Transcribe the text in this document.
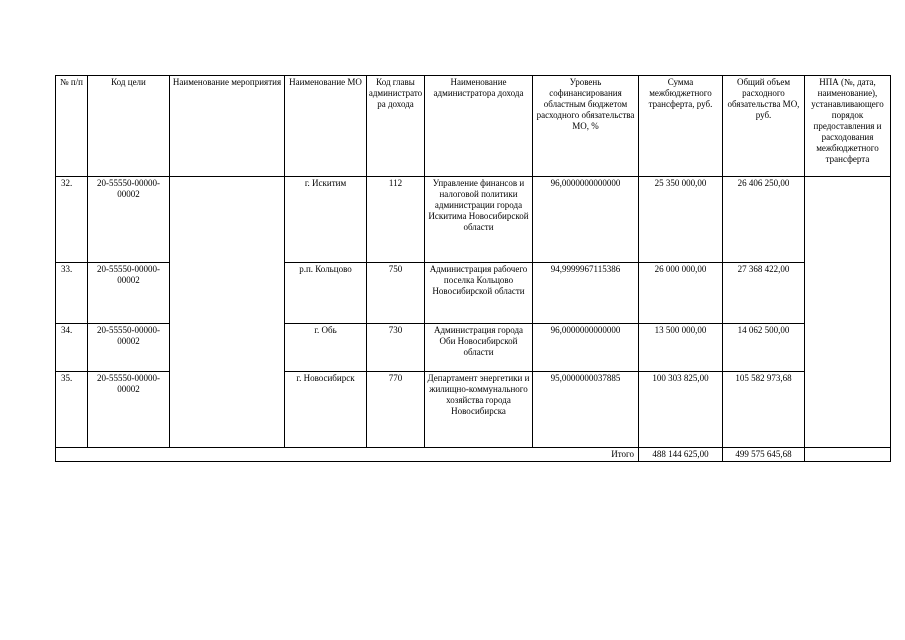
№ п/п	Код цели	Наименование мероприятия	Наименование МО	Код главы администратора дохода	Наименование администратора дохода	Уровень софинансирования областным бюджетом расходного обязательства МО, %	Сумма межбюджетного трансферта, руб.	Общий объем расходного обязательства МО, руб.	НПА (№, дата, наименование), устанавливающего порядок предоставления и расходования межбюджетного трансферта
32.	20-55550-00000-00002		г. Искитим	112	Управление финансов и налоговой политики администрации города Искитима Новосибирской области	96,0000000000000	25 350 000,00	26 406 250,00	
33.	20-55550-00000-00002		р.п. Кольцово	750	Администрация рабочего поселка Кольцово Новосибирской области	94,9999967115386	26 000 000,00	27 368 422,00	
34.	20-55550-00000-00002		г. Обь	730	Администрация города Оби Новосибирской области	96,0000000000000	13 500 000,00	14 062 500,00	
35.	20-55550-00000-00002		г. Новосибирск	770	Департамент энергетики и жилищно-коммунального хозяйства города Новосибирска	95,0000000037885	100 303 825,00	105 582 973,68	
Итого							488 144 625,00	499 575 645,68	
